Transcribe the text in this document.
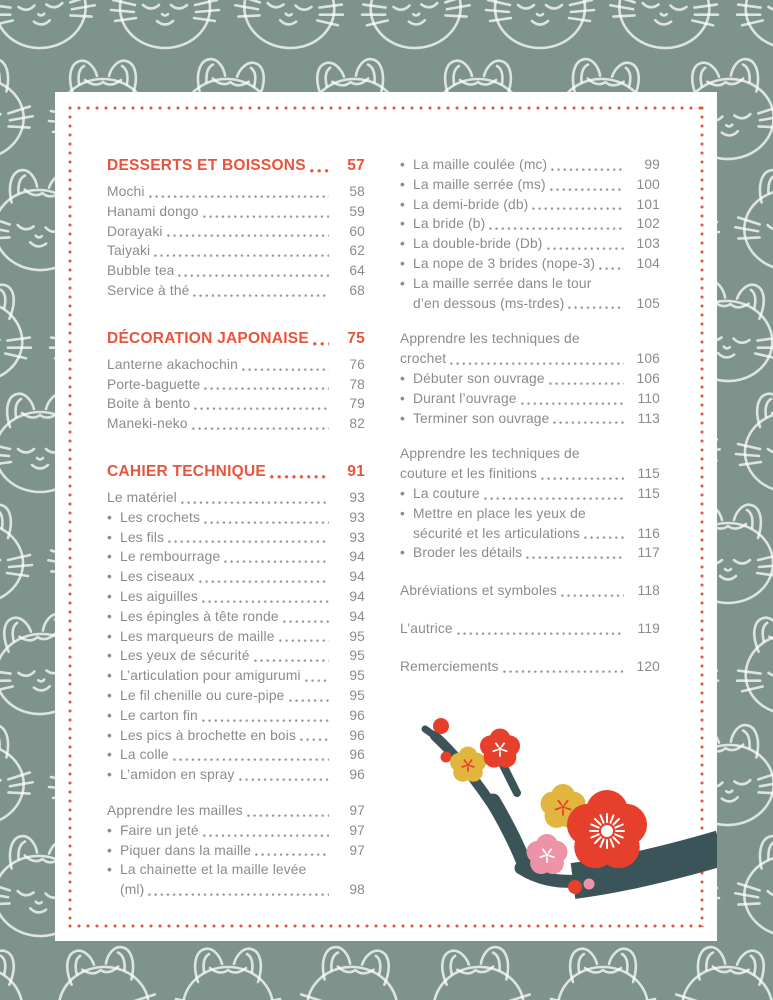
DESSERTS ET BOISSONS	57
Mochi	58
Hanami dongo	59
Dorayaki	60
Taiyaki	62
Bubble tea	64
Service à thé	68
DÉCORATION JAPONAISE	75
Lanterne akachochin	76
Porte-baguette	78
Boite à bento	79
Maneki-neko	82
CAHIER TECHNIQUE	91
Le matériel	93
• Les crochets	93
• Les fils	93
• Le rembourrage	94
• Les ciseaux	94
• Les aiguilles	94
• Les épingles à tête ronde	94
• Les marqueurs de maille	95
• Les yeux de sécurité	95
• L’articulation pour amigurumi	95
• Le fil chenille ou cure-pipe	95
• Le carton fin	96
• Les pics à brochette en bois	96
• La colle	96
• L’amidon en spray	96
Apprendre les mailles	97
• Faire un jeté	97
• Piquer dans la maille	97
• La chainette et la maille levée
(ml)	98
• La maille coulée (mc)	99
• La maille serrée (ms)	100
• La demi-bride (db)	101
• La bride (b)	102
• La double-bride (Db)	103
• La nope de 3 brides (nope-3)	104
• La maille serrée dans le tour
d’en dessous (ms-trdes)	105
Apprendre les techniques de
crochet	106
• Débuter son ouvrage	106
• Durant l’ouvrage	110
• Terminer son ouvrage	113
Apprendre les techniques de
couture et les finitions	115
• La couture	115
• Mettre en place les yeux de
sécurité et les articulations	116
• Broder les détails	117
Abréviations et symboles	118
L’autrice	119
Remerciements	120
